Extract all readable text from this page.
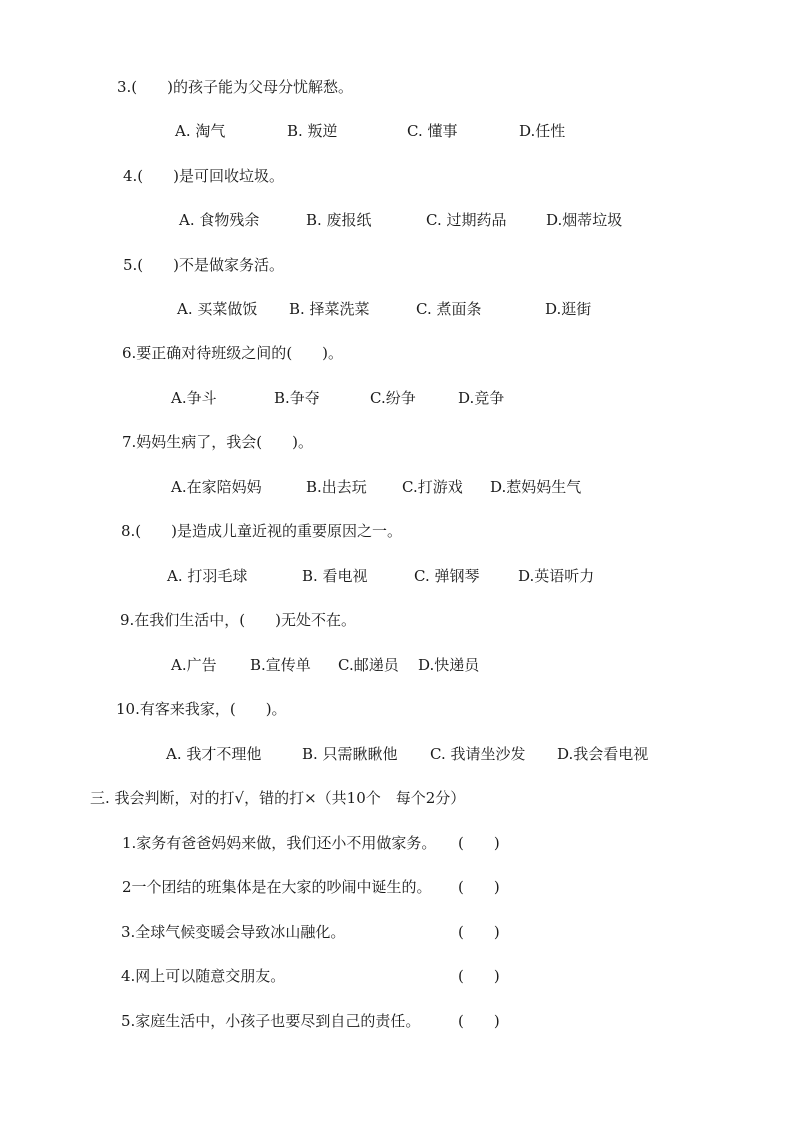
3.(　　)的孩子能为父母分忧解愁。
A. 淘气	B. 叛逆	C. 懂事	D.任性
4.(　　)是可回收垃圾。
A. 食物残余	B. 废报纸	C. 过期药品	D.烟蒂垃圾
5.(　　)不是做家务活。
A. 买菜做饭 B. 择菜洗菜	C. 煮面条	D.逛街
6.要正确对待班级之间的(　　)。
A.争斗	B.争夺	C.纷争	D.竞争
7.妈妈生病了，我会(　　)。
A.在家陪妈妈	B.出去玩 C.打游戏 D.惹妈妈生气
8.(　　)是造成儿童近视的重要原因之一。
A. 打羽毛球	B. 看电视	C. 弹钢琴	D.英语听力
9.在我们生活中，(　　)无处不在。
A.广告 B.宣传单 C.邮递员 D.快递员
10.有客来我家，(　　)。
A. 我才不理他	B. 只需瞅瞅他 C. 我请坐沙发 D.我会看电视
三. 我会判断，对的打√，错的打×（共10个　每个2分）
1.家务有爸爸妈妈来做，我们还小不用做家务。 (　　)
2一个团结的班集体是在大家的吵闹中诞生的。 (　　)
3.全球气候变暖会导致冰山融化。	(　　)
4.网上可以随意交朋友。	(　　)
5.家庭生活中，小孩子也要尽到自己的责任。	(　　)
